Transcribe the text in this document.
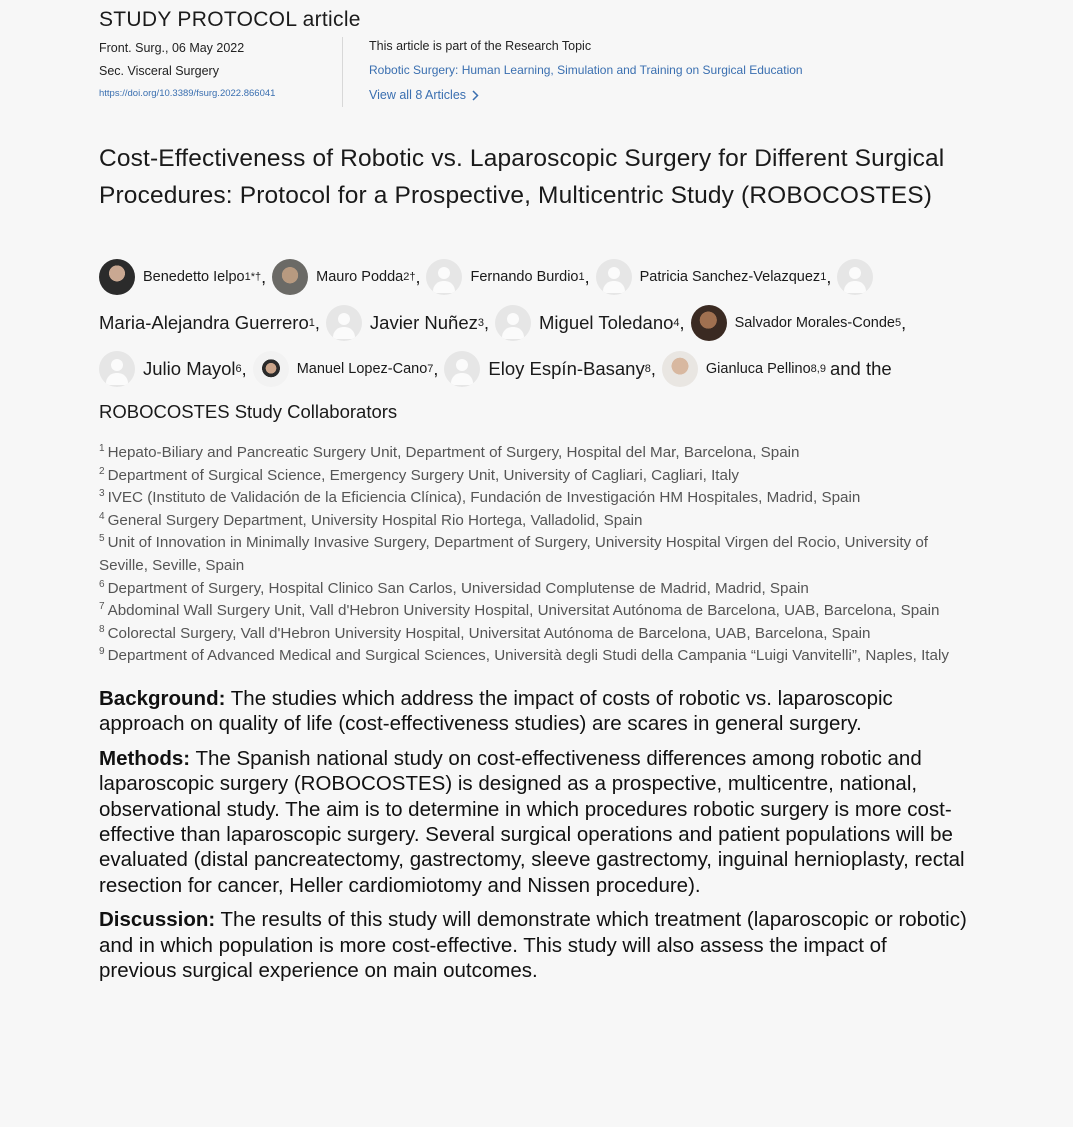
STUDY PROTOCOL article
Front. Surg., 06 May 2022
Sec. Visceral Surgery
https://doi.org/10.3389/fsurg.2022.866041
This article is part of the Research Topic
Robotic Surgery: Human Learning, Simulation and Training on Surgical Education
View all 8 Articles
Cost-Effectiveness of Robotic vs. Laparoscopic Surgery for Different Surgical Procedures: Protocol for a Prospective, Multicentric Study (ROBOCOSTES)
Benedetto Ielpo 1*† ,	Mauro Podda 2† ,	Fernando Burdio 1 ,	Patricia Sanchez-Velazquez 1 ,
Maria-Alejandra Guerrero 1 ,	Javier Nuñez 3 ,	Miguel Toledano 4 ,	Salvador Morales-Conde 5 ,
Julio Mayol 6 ,	Manuel Lopez-Cano 7 ,	Eloy Espín-Basany 8 ,	Gianluca Pellino 8,9 and the
ROBOCOSTES Study Collaborators
$^1$ Hepato-Biliary and Pancreatic Surgery Unit, Department of Surgery, Hospital del Mar, Barcelona, Spain
$^2$ Department of Surgical Science, Emergency Surgery Unit, University of Cagliari, Cagliari, Italy
$^3$ IVEC (Instituto de Validación de la Eficiencia Clínica), Fundación de Investigación HM Hospitales, Madrid, Spain
$^4$ General Surgery Department, University Hospital Rio Hortega, Valladolid, Spain
$^5$ Unit of Innovation in Minimally Invasive Surgery, Department of Surgery, University Hospital Virgen del Rocio, University of Seville, Seville, Spain
$^6$ Department of Surgery, Hospital Clinico San Carlos, Universidad Complutense de Madrid, Madrid, Spain
$^7$ Abdominal Wall Surgery Unit, Vall d'Hebron University Hospital, Universitat Autónoma de Barcelona, UAB, Barcelona, Spain
$^8$ Colorectal Surgery, Vall d'Hebron University Hospital, Universitat Autónoma de Barcelona, UAB, Barcelona, Spain
$^9$ Department of Advanced Medical and Surgical Sciences, Università degli Studi della Campania “Luigi Vanvitelli”, Naples, Italy

Background: The studies which address the impact of costs of robotic vs. laparoscopic approach on quality of life (cost-effectiveness studies) are scares in general surgery.

Methods: The Spanish national study on cost-effectiveness differences among robotic and laparoscopic surgery (ROBOCOSTES) is designed as a prospective, multicentre, national, observational study. The aim is to determine in which procedures robotic surgery is more cost-effective than laparoscopic surgery. Several surgical operations and patient populations will be evaluated (distal pancreatectomy, gastrectomy, sleeve gastrectomy, inguinal hernioplasty, rectal resection for cancer, Heller cardiomiotomy and Nissen procedure).

Discussion: The results of this study will demonstrate which treatment (laparoscopic or robotic) and in which population is more cost-effective. This study will also assess the impact of previous surgical experience on main outcomes.
